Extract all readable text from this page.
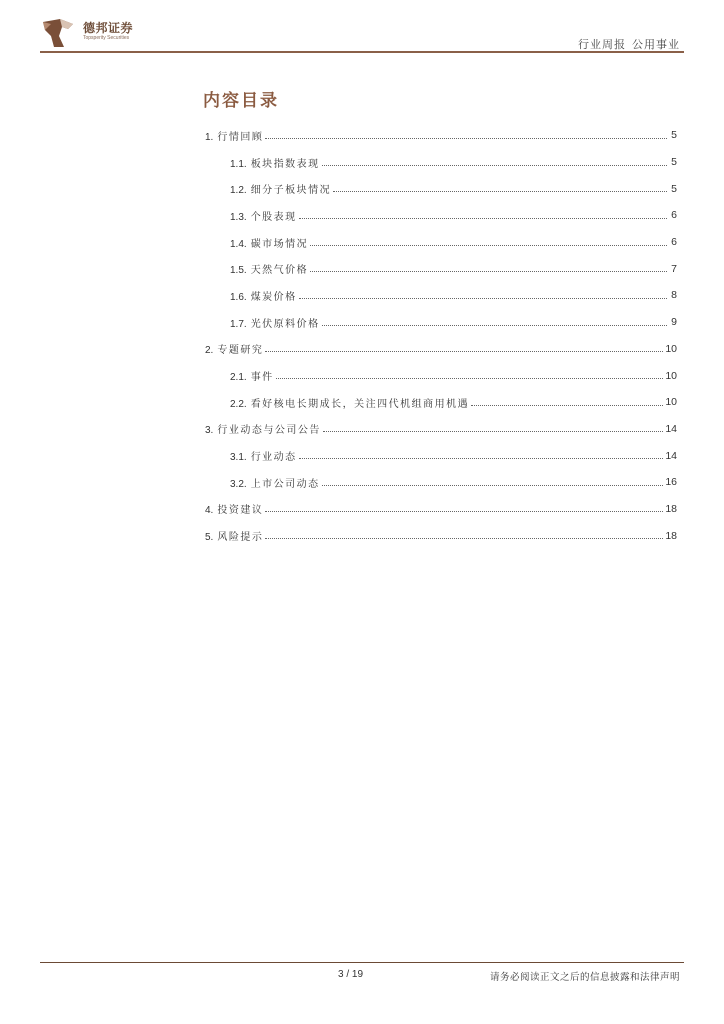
德邦证券
Topsperity Securities	行业周报 公用事业
内容目录
1. 行情回顾	5
1.1. 板块指数表现	5
1.2. 细分子板块情况	5
1.3. 个股表现	6
1.4. 碳市场情况	6
1.5. 天然气价格	7
1.6. 煤炭价格	8
1.7. 光伏原料价格	9
2. 专题研究	10
2.1. 事件	10
2.2. 看好核电长期成长，关注四代机组商用机遇	10
3. 行业动态与公司公告	14
3.1. 行业动态	14
3.2. 上市公司动态	16
4. 投资建议	18
5. 风险提示	18
3 / 19	请务必阅读正文之后的信息披露和法律声明
